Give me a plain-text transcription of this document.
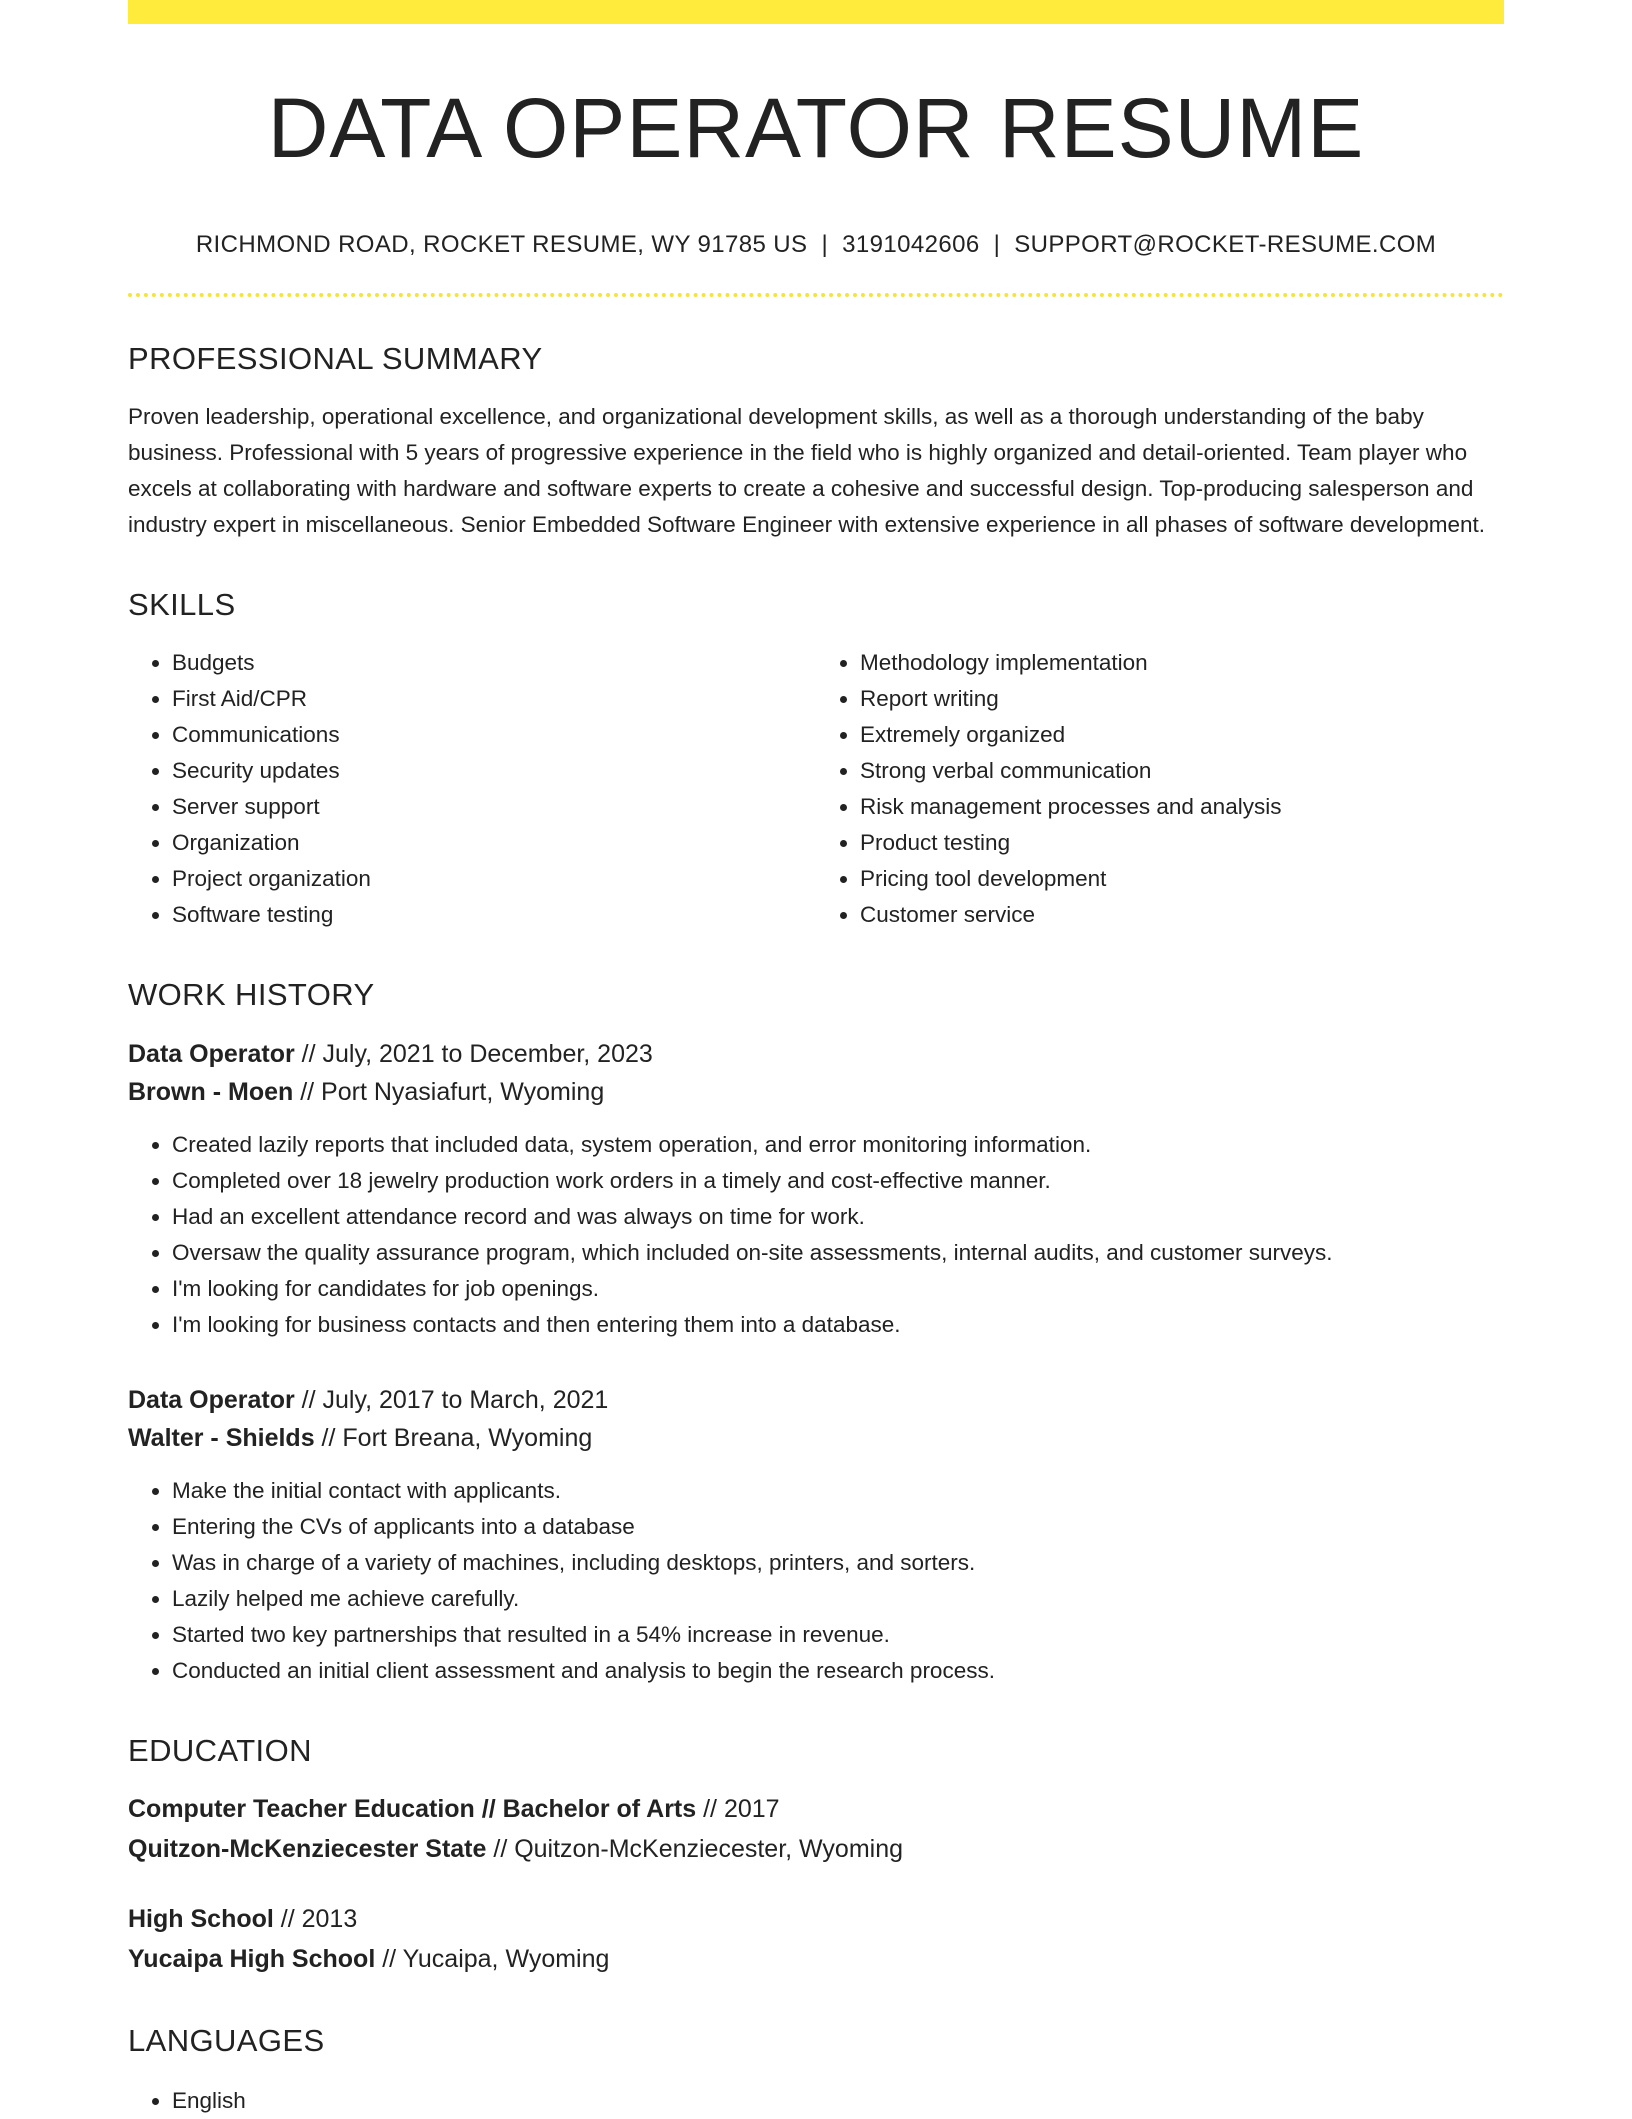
DATA OPERATOR RESUME
RICHMOND ROAD, ROCKET RESUME, WY 91785 US | 3191042606 | SUPPORT@ROCKET-RESUME.COM
PROFESSIONAL SUMMARY
Proven leadership, operational excellence, and organizational development skills, as well as a thorough understanding of the baby business. Professional with 5 years of progressive experience in the field who is highly organized and detail-oriented. Team player who excels at collaborating with hardware and software experts to create a cohesive and successful design. Top-producing salesperson and industry expert in miscellaneous. Senior Embedded Software Engineer with extensive experience in all phases of software development.
SKILLS
• Budgets
• First Aid/CPR
• Communications
• Security updates
• Server support
• Organization
• Project organization
• Software testing
• Methodology implementation
• Report writing
• Extremely organized
• Strong verbal communication
• Risk management processes and analysis
• Product testing
• Pricing tool development
• Customer service
WORK HISTORY
Data Operator // July, 2021 to December, 2023
Brown - Moen // Port Nyasiafurt, Wyoming
• Created lazily reports that included data, system operation, and error monitoring information.
• Completed over 18 jewelry production work orders in a timely and cost-effective manner.
• Had an excellent attendance record and was always on time for work.
• Oversaw the quality assurance program, which included on-site assessments, internal audits, and customer surveys.
• I'm looking for candidates for job openings.
• I'm looking for business contacts and then entering them into a database.
Data Operator // July, 2017 to March, 2021
Walter - Shields // Fort Breana, Wyoming
• Make the initial contact with applicants.
• Entering the CVs of applicants into a database
• Was in charge of a variety of machines, including desktops, printers, and sorters.
• Lazily helped me achieve carefully.
• Started two key partnerships that resulted in a 54% increase in revenue.
• Conducted an initial client assessment and analysis to begin the research process.
EDUCATION
Computer Teacher Education // Bachelor of Arts // 2017
Quitzon-McKenziecester State // Quitzon-McKenziecester, Wyoming
High School // 2013
Yucaipa High School // Yucaipa, Wyoming
LANGUAGES
• English
